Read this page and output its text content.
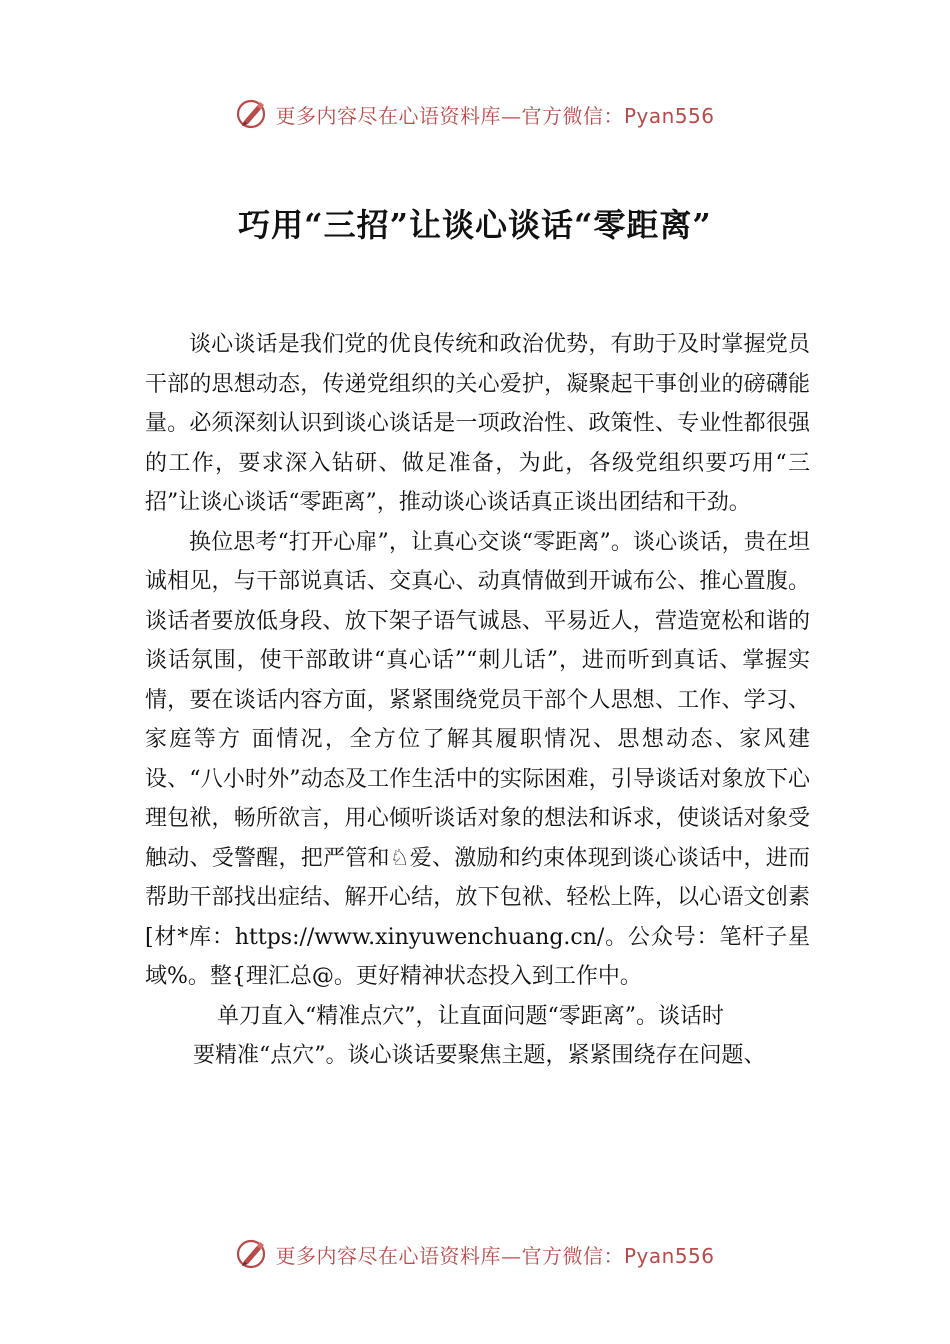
更多内容尽在心语资料库—官方微信：Pyan556
巧用“三招”让谈心谈话“零距离”

谈心谈话是我们党的优良传统和政治优势，有助于及时掌握党员干部的思想动态，传递党组织的关心爱护，凝聚起干事创业的磅礴能量。必须深刻认识到谈心谈话是一项政治性、政策性、专业性都很强的工作，要求深入钻研、做足准备，为此，各级党组织要巧用“三招”让谈心谈话“零距离”，推动谈心谈话真正谈出团结和干劲。

换位思考“打开心扉”，让真心交谈“零距离”。谈心谈话，贵在坦诚相见，与干部说真话、交真心、动真情做到开诚布公、推心置腹。谈话者要放低身段、放下架子语气诚恳、平易近人，营造宽松和谐的谈话氛围，使干部敢讲“真心话”“刺儿话”，进而听到真话、掌握实情，要在谈话内容方面，紧紧围绕党员干部个人思想、工作、学习、家庭等方 面情况，全方位了解其履职情况、思想动态、家风建设、“八小时外”动态及工作生活中的实际困难，引导谈话对象放下心理包袱，畅所欲言，用心倾听谈话对象的想法和诉求，使谈话对象受触动、受警醒，把严管和♘爱、激励和约束体现到谈心谈话中，进而帮助干部找出症结、解开心结，放下包袱、轻松上阵，以心语文创素[材*库：https://www.xinyuwenchuang.cn/。公众号：笔杆子星域%。整{理汇总@。更好精神状态投入到工作中。

单刀直入“精准点穴”，让直面问题“零距离”。谈话时
要精准“点穴”。谈心谈话要聚焦主题，紧紧围绕存在问题、

更多内容尽在心语资料库—官方微信：Pyan556
